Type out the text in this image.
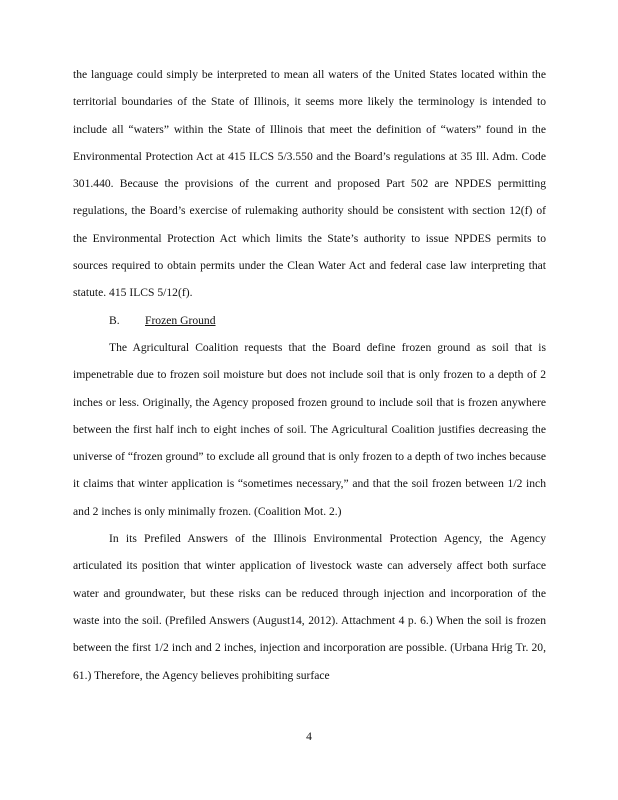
the language could simply be interpreted to mean all waters of the United States located within the territorial boundaries of the State of Illinois, it seems more likely the terminology is intended to include all “waters” within the State of Illinois that meet the definition of “waters” found in the Environmental Protection Act at 415 ILCS 5/3.550 and the Board’s regulations at 35 Ill. Adm. Code 301.440. Because the provisions of the current and proposed Part 502 are NPDES permitting regulations, the Board’s exercise of rulemaking authority should be consistent with section 12(f) of the Environmental Protection Act which limits the State’s authority to issue NPDES permits to sources required to obtain permits under the Clean Water Act and federal case law interpreting that statute. 415 ILCS 5/12(f).

B. Frozen Ground

The Agricultural Coalition requests that the Board define frozen ground as soil that is impenetrable due to frozen soil moisture but does not include soil that is only frozen to a depth of 2 inches or less. Originally, the Agency proposed frozen ground to include soil that is frozen anywhere between the first half inch to eight inches of soil. The Agricultural Coalition justifies decreasing the universe of “frozen ground” to exclude all ground that is only frozen to a depth of two inches because it claims that winter application is “sometimes necessary,” and that the soil frozen between 1/2 inch and 2 inches is only minimally frozen. (Coalition Mot. 2.)

In its Prefiled Answers of the Illinois Environmental Protection Agency, the Agency articulated its position that winter application of livestock waste can adversely affect both surface water and groundwater, but these risks can be reduced through injection and incorporation of the waste into the soil. (Prefiled Answers (August14, 2012). Attachment 4 p. 6.) When the soil is frozen between the first 1/2 inch and 2 inches, injection and incorporation are possible. (Urbana Hrig Tr. 20, 61.) Therefore, the Agency believes prohibiting surface

4
